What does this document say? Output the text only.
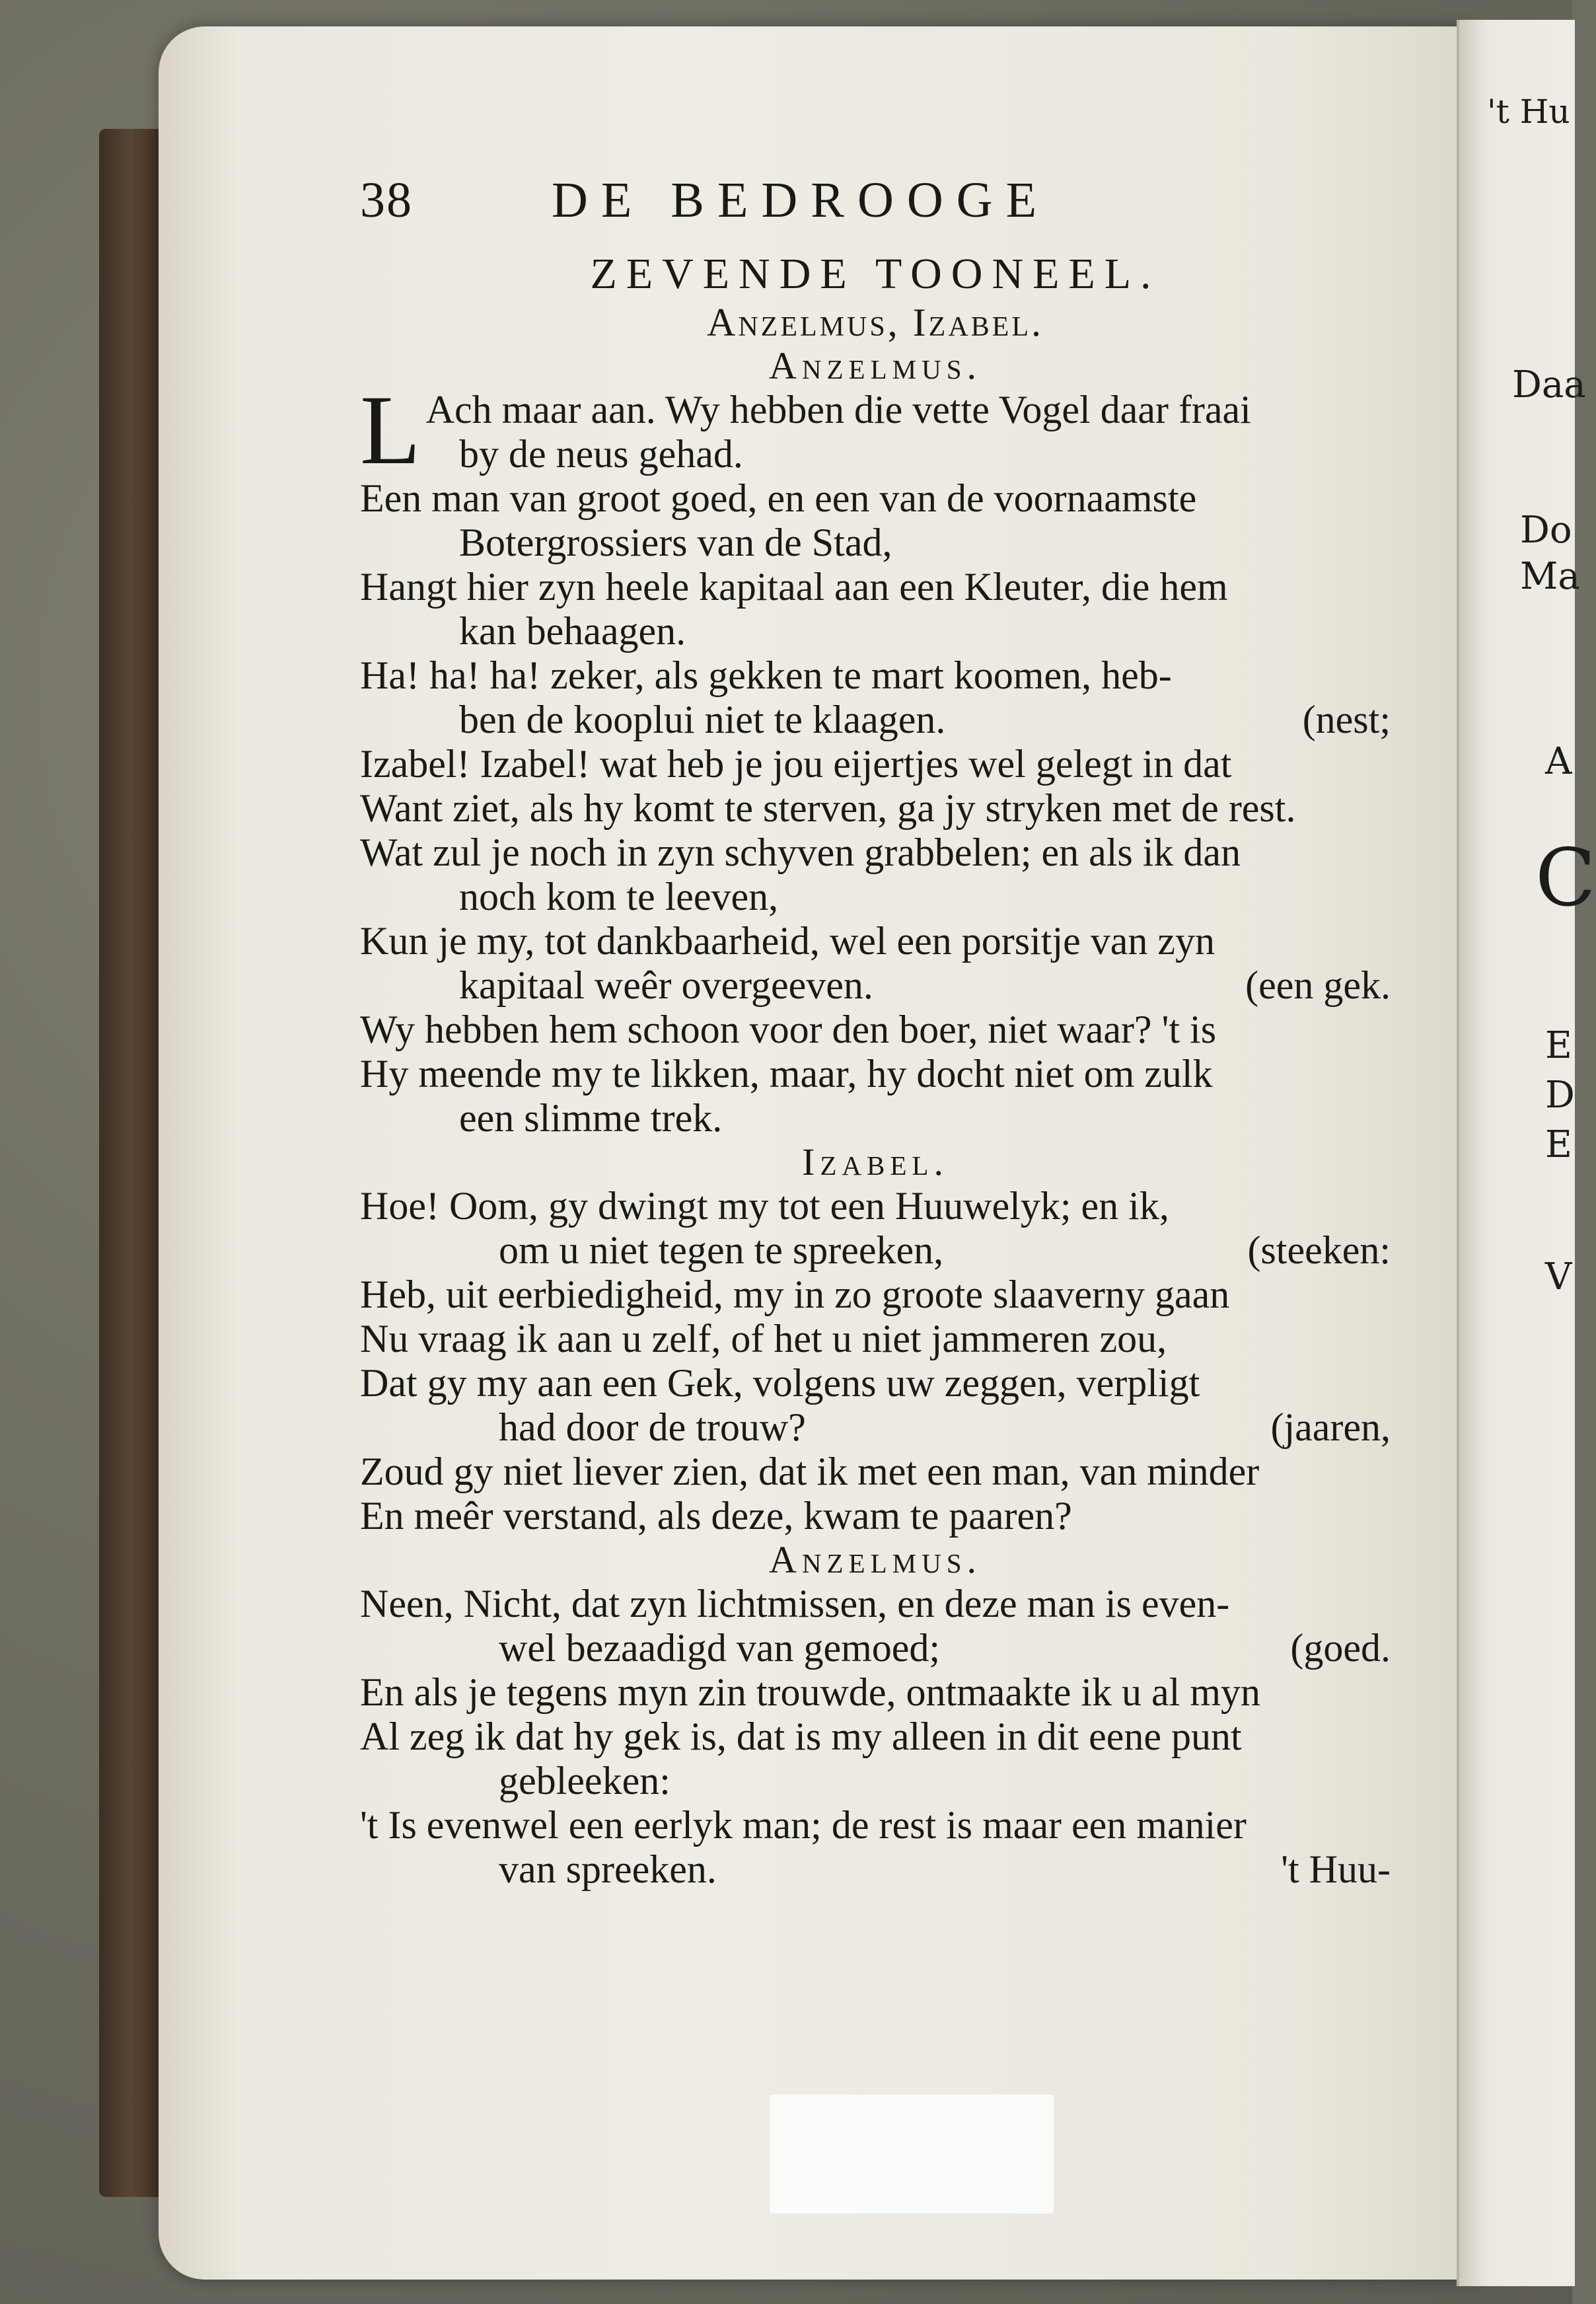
't Hu
Daa
Do
Ma
A
C
E
D
E
V
38	DE BEDROOGE
ZEVENDE TOONEEL.
Anzelmus, Izabel.
Anzelmus.
L Ach maar aan. Wy hebben die vette Vogel daar fraai
by de neus gehad.
Een man van groot goed, en een van de voornaamste
Botergrossiers van de Stad,
Hangt hier zyn heele kapitaal aan een Kleuter, die hem
kan behaagen.
Ha! ha! ha! zeker, als gekken te mart koomen, heb-
ben de kooplui niet te klaagen.	(nest;
Izabel! Izabel! wat heb je jou eijertjes wel gelegt in dat
Want ziet, als hy komt te sterven, ga jy stryken met de rest.
Wat zul je noch in zyn schyven grabbelen; en als ik dan
noch kom te leeven,
Kun je my, tot dankbaarheid, wel een porsitje van zyn
kapitaal weêr overgeeven.	(een gek.
Wy hebben hem schoon voor den boer, niet waar? 't is
Hy meende my te likken, maar, hy docht niet om zulk
een slimme trek.
Izabel.
Hoe! Oom, gy dwingt my tot een Huuwelyk; en ik,
om u niet tegen te spreeken,	(steeken:
Heb, uit eerbiedigheid, my in zo groote slaaverny gaan
Nu vraag ik aan u zelf, of het u niet jammeren zou,
Dat gy my aan een Gek, volgens uw zeggen, verpligt
had door de trouw?	(jaaren,
Zoud gy niet liever zien, dat ik met een man, van minder
En meêr verstand, als deze, kwam te paaren?
Anzelmus.
Neen, Nicht, dat zyn lichtmissen, en deze man is even-
wel bezaadigd van gemoed;	(goed.
En als je tegens myn zin trouwde, ontmaakte ik u al myn
Al zeg ik dat hy gek is, dat is my alleen in dit eene punt
gebleeken:
't Is evenwel een eerlyk man; de rest is maar een manier
van spreeken.	't Huu-
